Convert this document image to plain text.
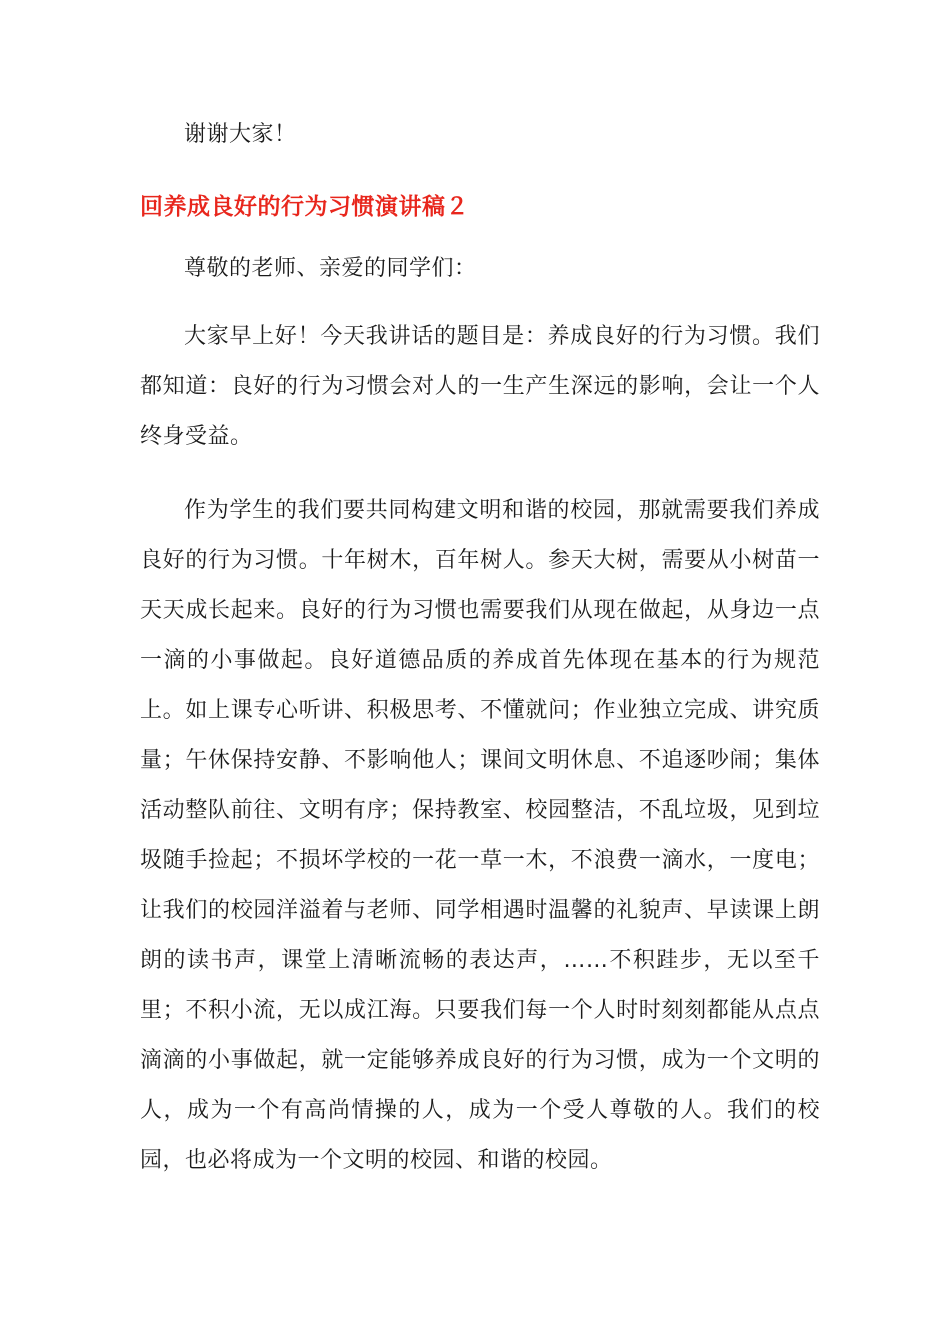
谢谢大家！

回养成良好的行为习惯演讲稿２

尊敬的老师、亲爱的同学们：

大家早上好！今天我讲话的题目是：养成良好的行为习惯。我们都知道：良好的行为习惯会对人的一生产生深远的影响，会让一个人终身受益。

作为学生的我们要共同构建文明和谐的校园，那就需要我们养成良好的行为习惯。十年树木，百年树人。参天大树，需要从小树苗一天天成长起来。良好的行为习惯也需要我们从现在做起，从身边一点一滴的小事做起。良好道德品质的养成首先体现在基本的行为规范上。如上课专心听讲、积极思考、不懂就问；作业独立完成、讲究质量；午休保持安静、不影响他人；课间文明休息、不追逐吵闹；集体活动整队前往、文明有序；保持教室、校园整洁，不乱垃圾，见到垃圾随手捡起；不损坏学校的一花一草一木，不浪费一滴水，一度电；让我们的校园洋溢着与老师、同学相遇时温馨的礼貌声、早读课上朗朗的读书声，课堂上清晰流畅的表达声，……不积跬步，无以至千里；不积小流，无以成江海。只要我们每一个人时时刻刻都能从点点滴滴的小事做起，就一定能够养成良好的行为习惯，成为一个文明的人，成为一个有高尚情操的人，成为一个受人尊敬的人。我们的校园，也必将成为一个文明的校园、和谐的校园。
